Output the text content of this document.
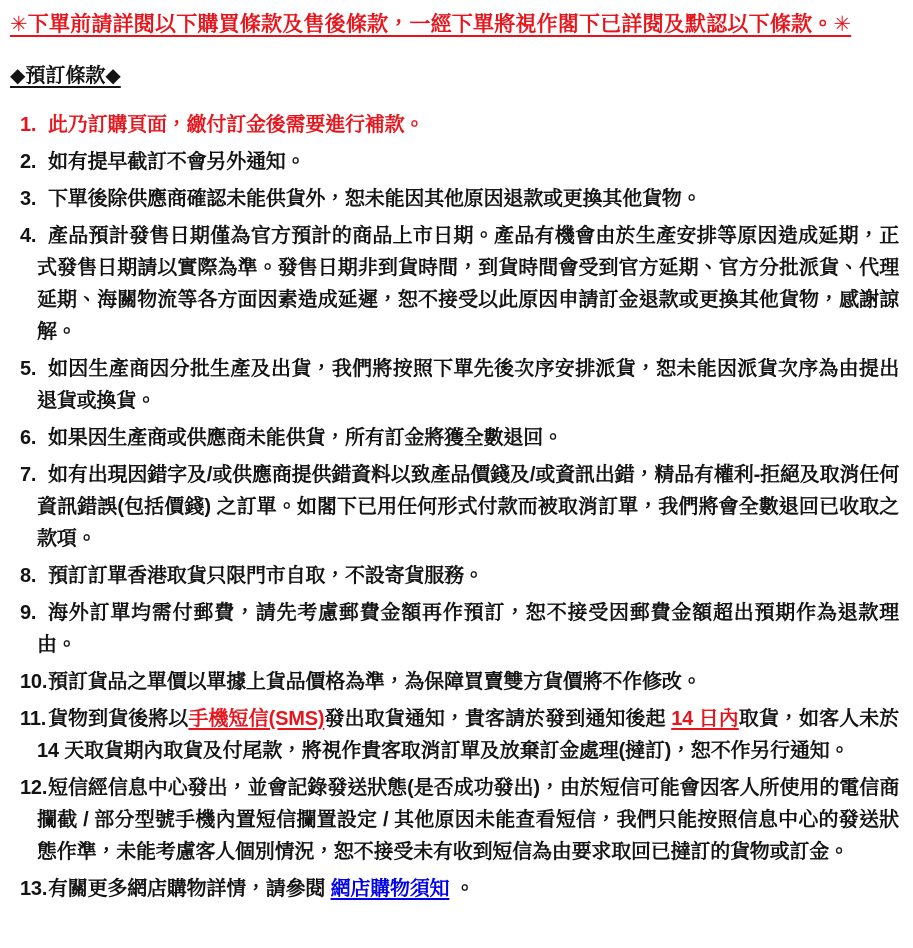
✳下單前請詳閱以下購買條款及售後條款，一經下單將視作閣下已詳閱及默認以下條款。✳
◆預訂條款◆
1. 此乃訂購頁面，繳付訂金後需要進行補款。
2. 如有提早截訂不會另外通知。
3. 下單後除供應商確認未能供貨外，恕未能因其他原因退款或更換其他貨物。
4. 產品預計發售日期僅為官方預計的商品上市日期。產品有機會由於生產安排等原因造成延期，正式發售日期請以實際為準。發售日期非到貨時間，到貨時間會受到官方延期、官方分批派貨、代理延期、海關物流等各方面因素造成延遲，恕不接受以此原因申請訂金退款或更換其他貨物，感謝諒解。
5. 如因生產商因分批生產及出貨，我們將按照下單先後次序安排派貨，恕未能因派貨次序為由提出退貨或換貨。
6. 如果因生產商或供應商未能供貨，所有訂金將獲全數退回。
7. 如有出現因錯字及/或供應商提供錯資料以致產品價錢及/或資訊出錯，精品有權利-拒絕及取消任何資訊錯誤(包括價錢) 之訂單。如閣下已用任何形式付款而被取消訂單，我們將會全數退回已收取之款項。
8. 預訂訂單香港取貨只限門市自取，不設寄貨服務。
9. 海外訂單均需付郵費，請先考慮郵費金額再作預訂，恕不接受因郵費金額超出預期作為退款理由。
10. 預訂貨品之單價以單據上貨品價格為準，為保障買賣雙方貨價將不作修改。
11. 貨物到貨後將以手機短信(SMS)發出取貨通知，貴客請於發到通知後起 14 日內取貨，如客人未於 14 天取貨期內取貨及付尾款，將視作貴客取消訂單及放棄訂金處理(撻訂)，恕不作另行通知。
12. 短信經信息中心發出，並會記錄發送狀態(是否成功發出)，由於短信可能會因客人所使用的電信商攔截 / 部分型號手機內置短信攔置設定 / 其他原因未能查看短信，我們只能按照信息中心的發送狀態作準，未能考慮客人個別情況，恕不接受未有收到短信為由要求取回已撻訂的貨物或訂金。
13. 有關更多網店購物詳情，請參閱 網店購物須知 。
